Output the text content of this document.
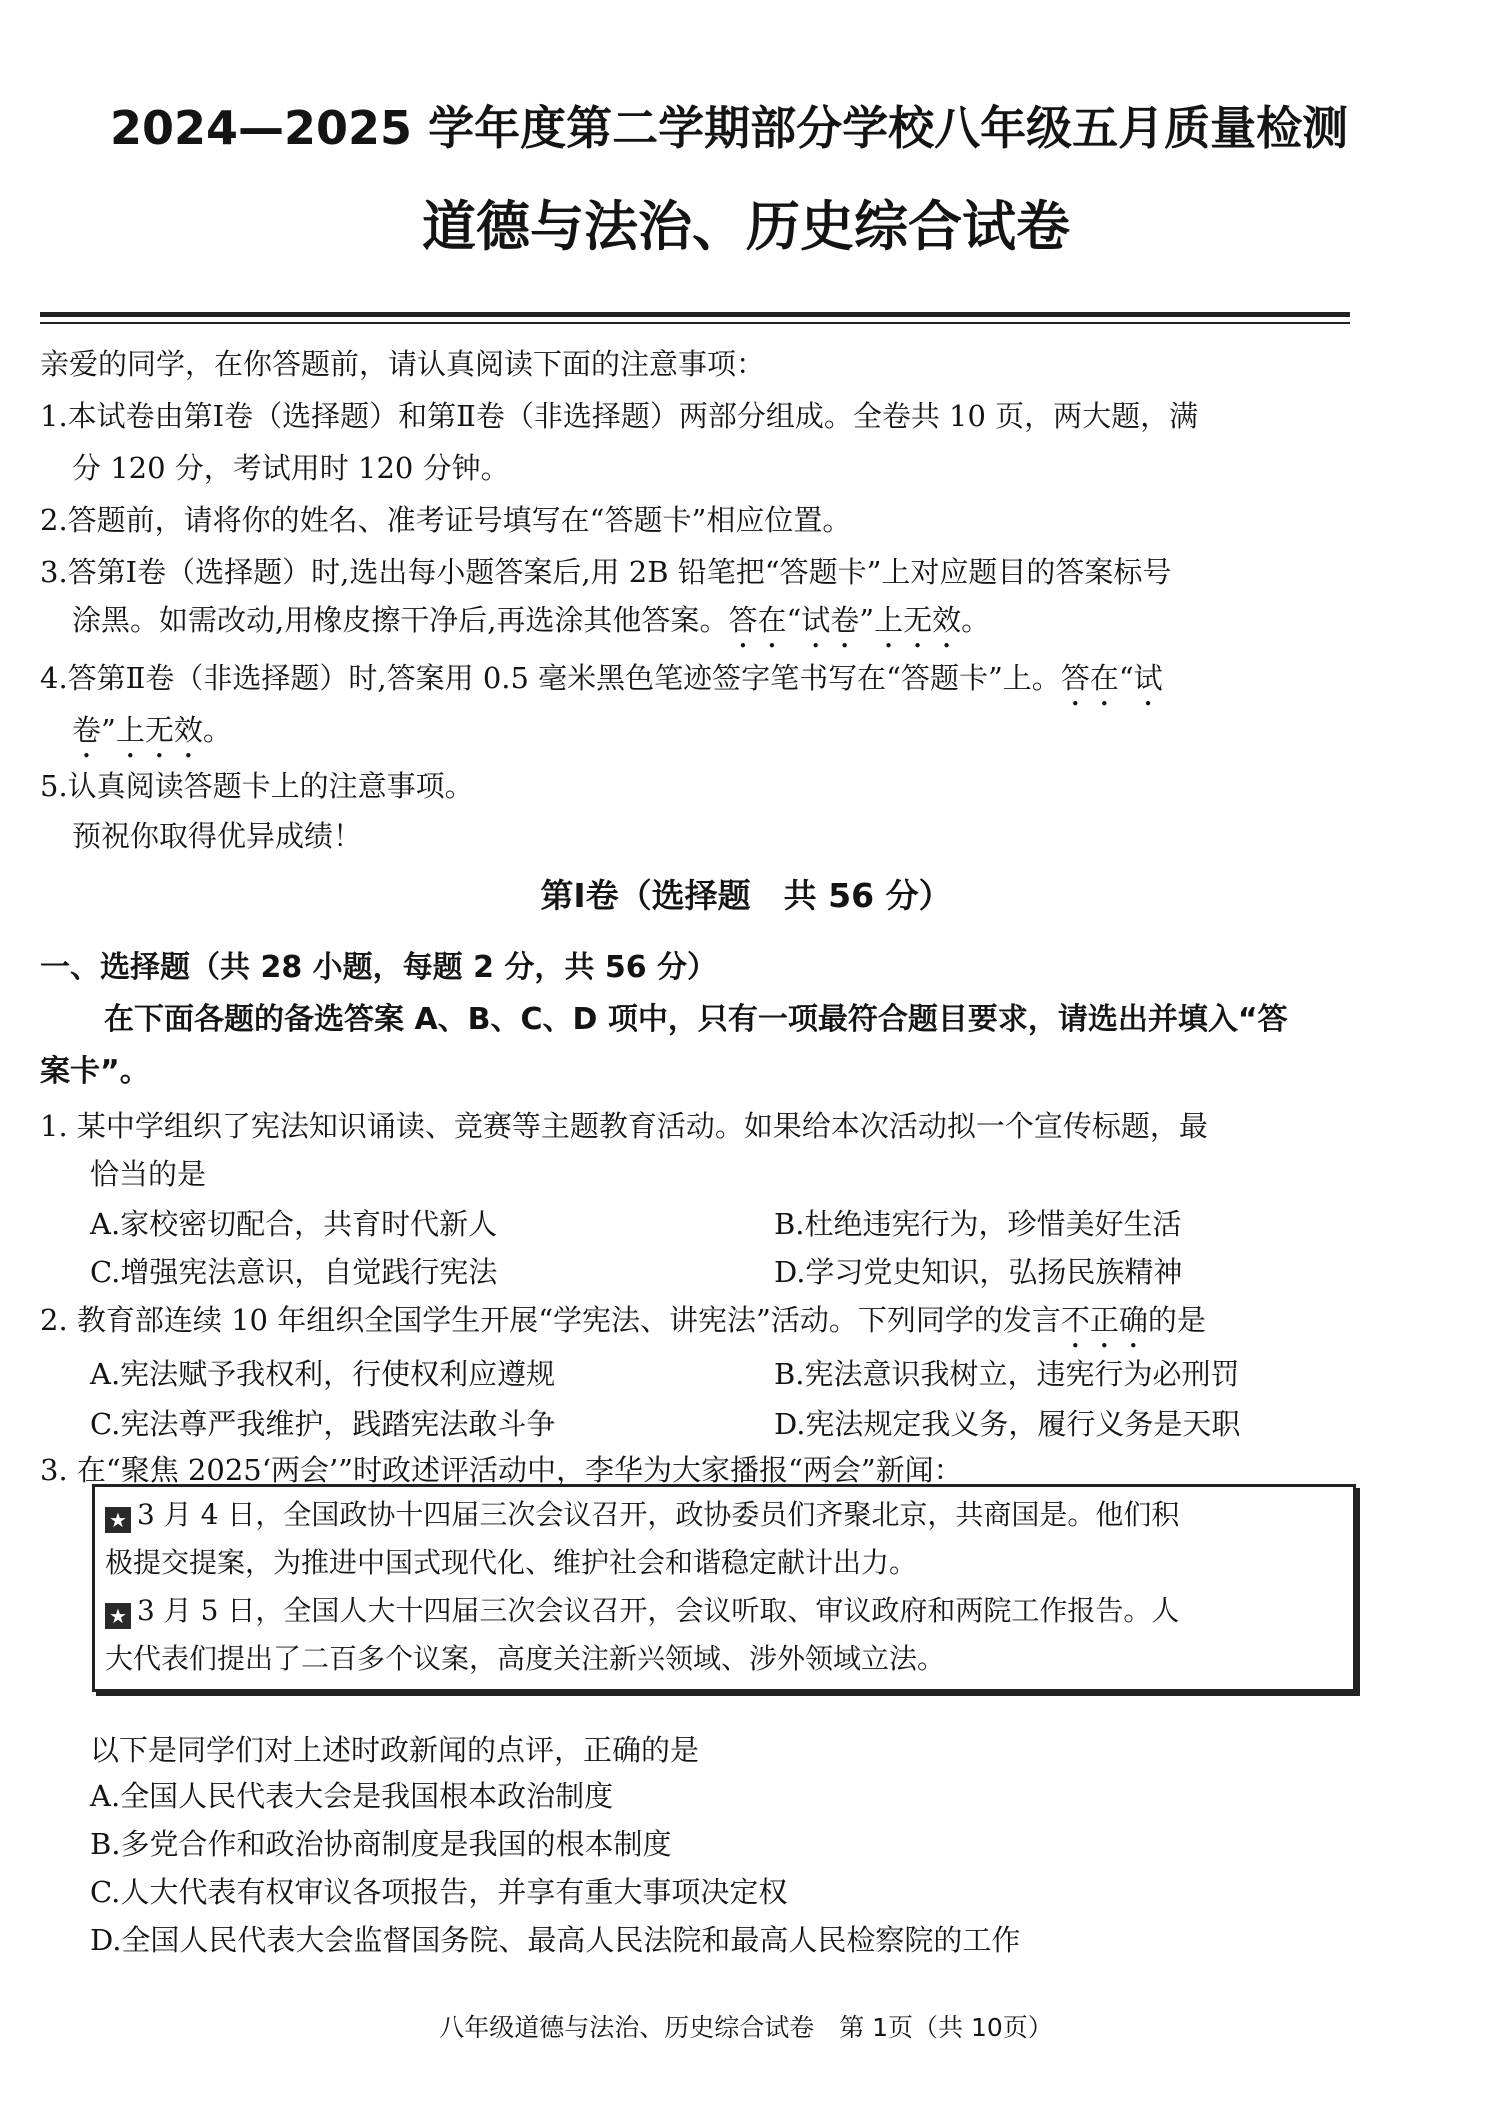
2024—2025 学年度第二学期部分学校八年级五月质量检测
道德与法治、历史综合试卷
亲爱的同学，在你答题前，请认真阅读下面的注意事项：
1.本试卷由第Ⅰ卷（选择题）和第Ⅱ卷（非选择题）两部分组成。全卷共 10 页，两大题，满
分 120 分，考试用时 120 分钟。
2.答题前，请将你的姓名、准考证号填写在“答题卡”相应位置。
3.答第Ⅰ卷（选择题）时,选出每小题答案后,用 2B 铅笔把“答题卡”上对应题目的答案标号
涂黑。如需改动,用橡皮擦干净后,再选涂其他答案。答在“试卷”上无效。
4.答第Ⅱ卷（非选择题）时,答案用 0.5 毫米黑色笔迹签字笔书写在“答题卡”上。答在“试
卷”上无效。
5.认真阅读答题卡上的注意事项。
预祝你取得优异成绩！
第Ⅰ卷（选择题　共 56 分）
一、选择题（共 28 小题，每题 2 分，共 56 分）
在下面各题的备选答案 A、B、C、D 项中，只有一项最符合题目要求，请选出并填入“答
案卡”。
1. 某中学组织了宪法知识诵读、竞赛等主题教育活动。如果给本次活动拟一个宣传标题，最
恰当的是
A.家校密切配合，共育时代新人	B.杜绝违宪行为，珍惜美好生活
C.增强宪法意识，自觉践行宪法	D.学习党史知识，弘扬民族精神
2. 教育部连续 10 年组织全国学生开展“学宪法、讲宪法”活动。下列同学的发言不正确的是
A.宪法赋予我权利，行使权利应遵规	B.宪法意识我树立，违宪行为必刑罚
C.宪法尊严我维护，践踏宪法敢斗争	D.宪法规定我义务，履行义务是天职
3. 在“聚焦 2025‘两会’”时政述评活动中，李华为大家播报“两会”新闻：
★ 3 月 4 日，全国政协十四届三次会议召开，政协委员们齐聚北京，共商国是。他们积
极提交提案，为推进中国式现代化、维护社会和谐稳定献计出力。
★ 3 月 5 日，全国人大十四届三次会议召开，会议听取、审议政府和两院工作报告。人
大代表们提出了二百多个议案，高度关注新兴领域、涉外领域立法。
以下是同学们对上述时政新闻的点评，正确的是
A.全国人民代表大会是我国根本政治制度
B.多党合作和政治协商制度是我国的根本制度
C.人大代表有权审议各项报告，并享有重大事项决定权
D.全国人民代表大会监督国务院、最高人民法院和最高人民检察院的工作
八年级道德与法治、历史综合试卷　第 1页（共 10页）
